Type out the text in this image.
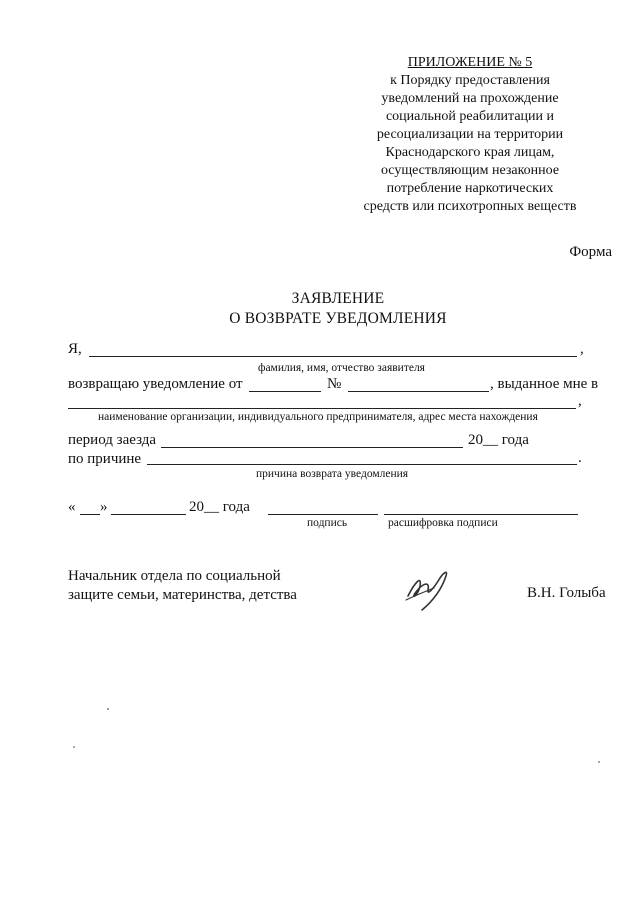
ПРИЛОЖЕНИЕ № 5
к Порядку предоставления
уведомлений на прохождение
социальной реабилитации и
ресоциализации на территории
Краснодарского края лицам,
осуществляющим незаконное
потребление наркотических
средств или психотропных веществ
Форма
ЗАЯВЛЕНИЕ
О ВОЗВРАТЕ УВЕДОМЛЕНИЯ
Я,	,
фамилия, имя, отчество заявителя
возвращаю уведомление от	№	, выданное мне в
,
наименование организации, индивидуального предпринимателя, адрес места нахождения
период заезда	20__ года
по причине	.
причина возврата уведомления
« »	20__ года
подпись	расшифровка подписи
Начальник отдела по социальной
защите семьи, материнства, детства	В.Н. Голыба
